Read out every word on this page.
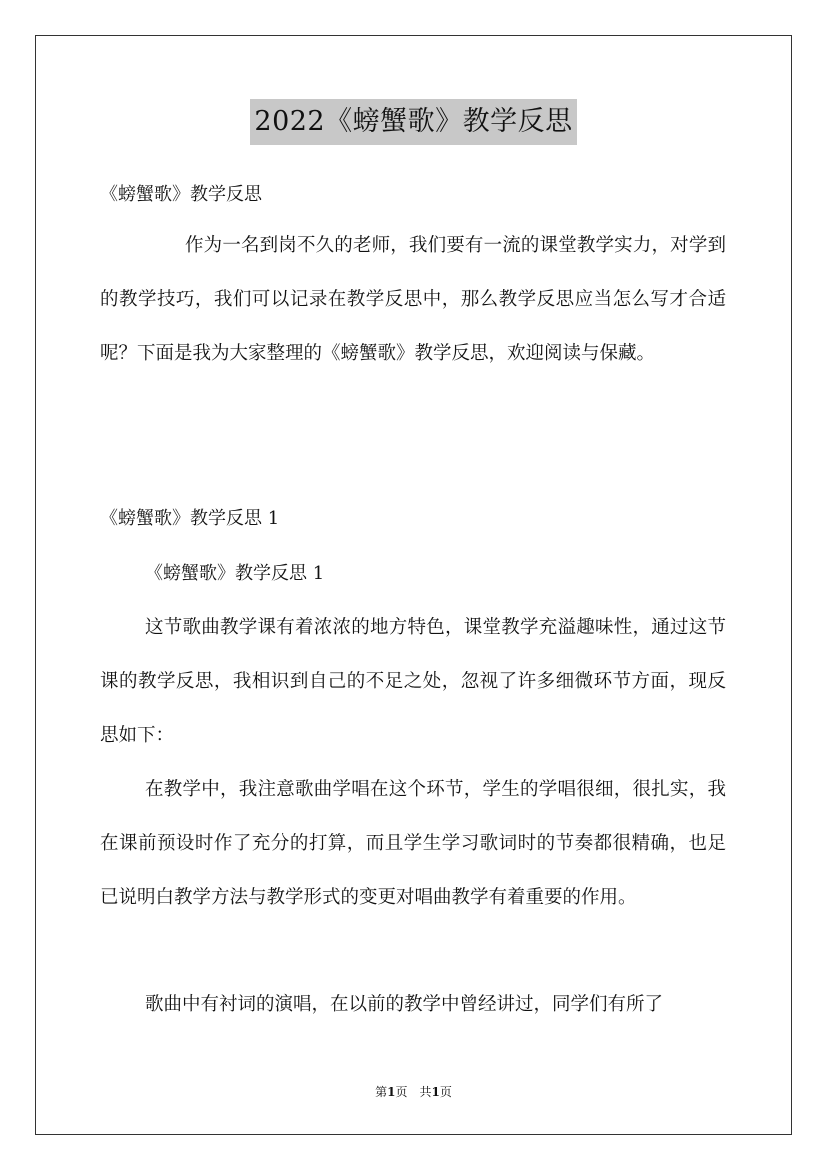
2022《螃蟹歌》教学反思
《螃蟹歌》教学反思
作为一名到岗不久的老师，我们要有一流的课堂教学实力，对学到的教学技巧，我们可以记录在教学反思中，那么教学反思应当怎么写才合适呢？下面是我为大家整理的《螃蟹歌》教学反思，欢迎阅读与保藏。
《螃蟹歌》教学反思 1
《螃蟹歌》教学反思 1
这节歌曲教学课有着浓浓的地方特色，课堂教学充溢趣味性，通过这节课的教学反思，我相识到自己的不足之处，忽视了许多细微环节方面，现反思如下：
在教学中，我注意歌曲学唱在这个环节，学生的学唱很细，很扎实，我在课前预设时作了充分的打算，而且学生学习歌词时的节奏都很精确，也足已说明白教学方法与教学形式的变更对唱曲教学有着重要的作用。
歌曲中有衬词的演唱，在以前的教学中曾经讲过，同学们有所了
第1页　共1页
